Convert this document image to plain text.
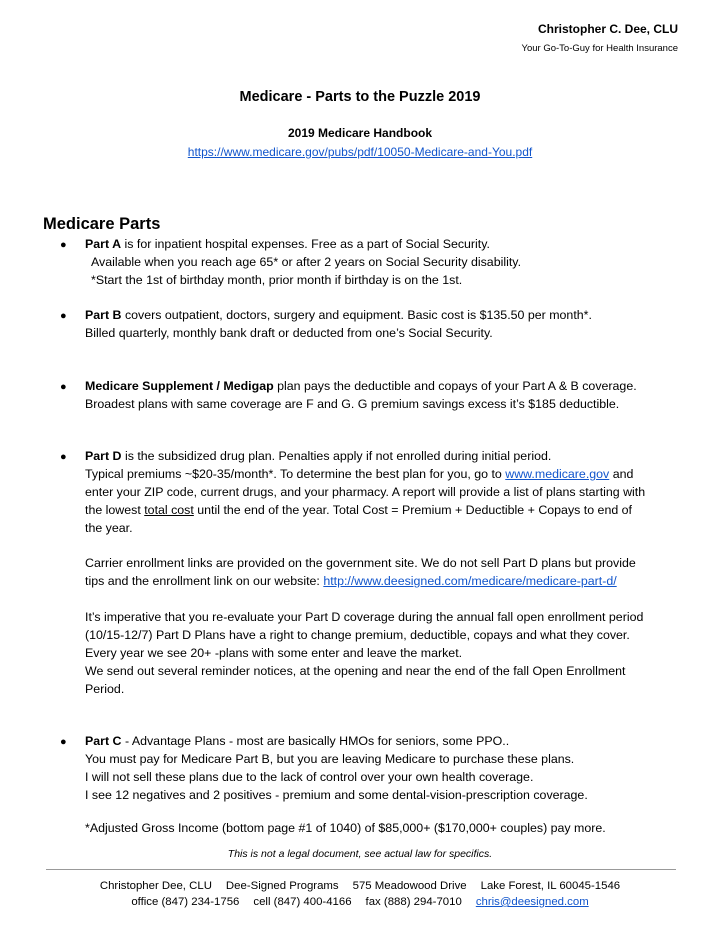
Christopher C. Dee, CLU
Your Go-To-Guy for Health Insurance
Medicare - Parts to the Puzzle 2019
2019 Medicare Handbook
https://www.medicare.gov/pubs/pdf/10050-Medicare-and-You.pdf
Medicare Parts
● Part A is for inpatient hospital expenses. Free as a part of Social Security.
Available when you reach age 65* or after 2 years on Social Security disability.
*Start the 1st of birthday month, prior month if birthday is on the 1st.
● Part B covers outpatient, doctors, surgery and equipment. Basic cost is $135.50 per month*.
Billed quarterly, monthly bank draft or deducted from one’s Social Security.
● Medicare Supplement / Medigap plan pays the deductible and copays of your Part A & B coverage.
Broadest plans with same coverage are F and G. G premium savings excess it’s $185 deductible.
● Part D is the subsidized drug plan. Penalties apply if not enrolled during initial period.
Typical premiums ~$20-35/month*. To determine the best plan for you, go to www.medicare.gov and
enter your ZIP code, current drugs, and your pharmacy. A report will provide a list of plans starting with
the lowest total cost until the end of the year. Total Cost = Premium + Deductible + Copays to end of
the year.
Carrier enrollment links are provided on the government site. We do not sell Part D plans but provide
tips and the enrollment link on our website: http://www.deesigned.com/medicare/medicare-part-d/
It’s imperative that you re-evaluate your Part D coverage during the annual fall open enrollment period
(10/15-12/7) Part D Plans have a right to change premium, deductible, copays and what they cover.
Every year we see 20+ -plans with some enter and leave the market.
We send out several reminder notices, at the opening and near the end of the fall Open Enrollment
Period.
● Part C - Advantage Plans - most are basically HMOs for seniors, some PPO..
You must pay for Medicare Part B, but you are leaving Medicare to purchase these plans.
I will not sell these plans due to the lack of control over your own health coverage.
I see 12 negatives and 2 positives - premium and some dental-vision-prescription coverage.
*Adjusted Gross Income (bottom page #1 of 1040) of $85,000+ ($170,000+ couples) pay more.
This is not a legal document, see actual law for specifics.
Christopher Dee, CLU Dee-Signed Programs 575 Meadowood Drive Lake Forest, IL 60045-1546
office (847) 234-1756 cell (847) 400-4166 fax (888) 294-7010 chris@deesigned.com
